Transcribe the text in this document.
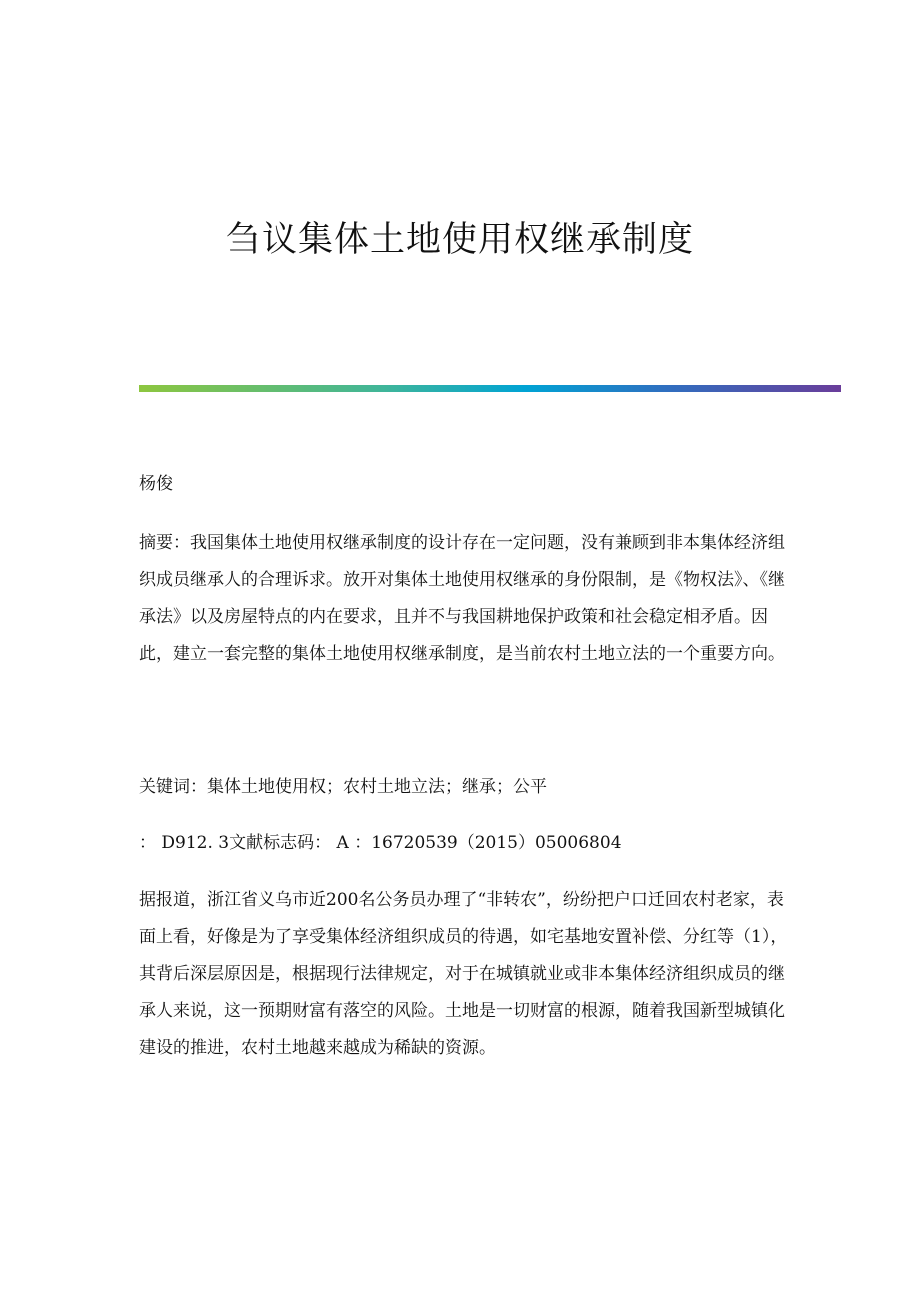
刍议集体土地使用权继承制度

杨俊

摘要：我国集体土地使用权继承制度的设计存在一定问题，没有兼顾到非本集体经济组织成员继承人的合理诉求。放开对集体土地使用权继承的身份限制，是《物权法》、《继承法》以及房屋特点的内在要求，且并不与我国耕地保护政策和社会稳定相矛盾。因此，建立一套完整的集体土地使用权继承制度，是当前农村土地立法的一个重要方向。

关键词：集体土地使用权；农村土地立法；继承；公平

： D912. 3文献标志码： A ：16720539（2015）05006804

据报道，浙江省义乌市近200名公务员办理了“非转农”，纷纷把户口迁回农村老家，表面上看，好像是为了享受集体经济组织成员的待遇，如宅基地安置补偿、分红等（1），其背后深层原因是，根据现行法律规定，对于在城镇就业或非本集体经济组织成员的继承人来说，这一预期财富有落空的风险。土地是一切财富的根源，随着我国新型城镇化建设的推进，农村土地越来越成为稀缺的资源。
